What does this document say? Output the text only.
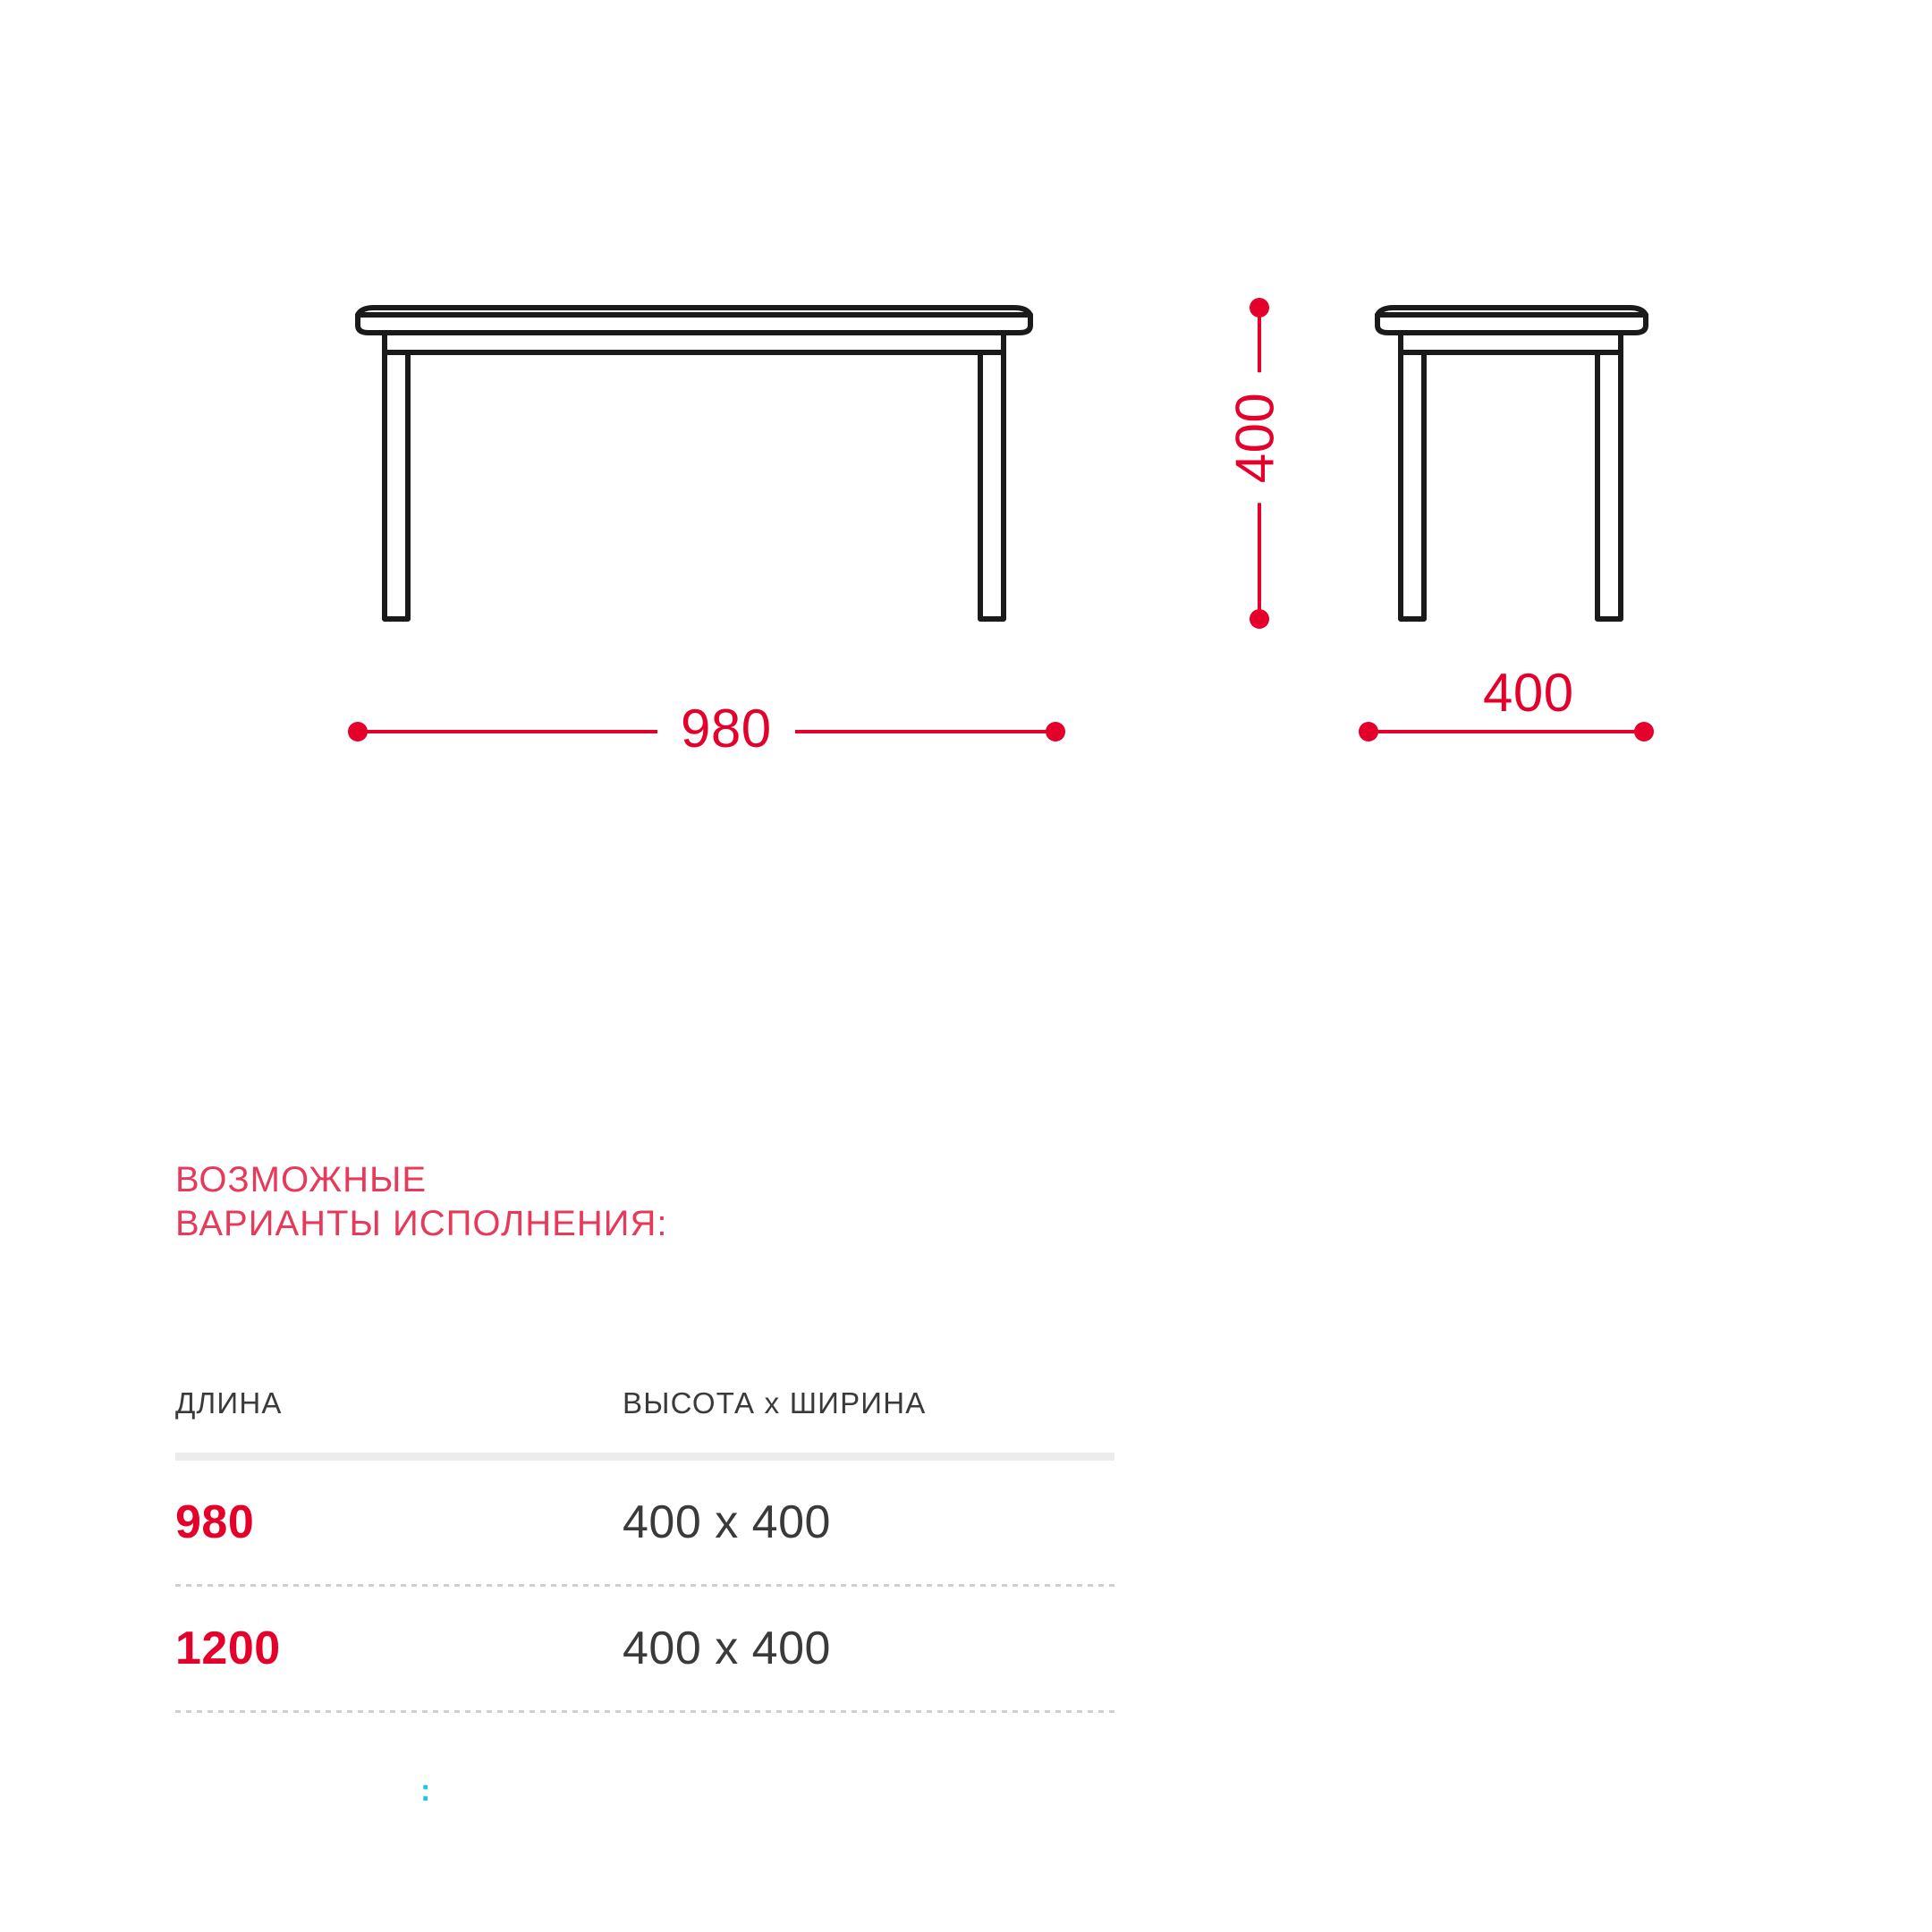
980
400
400

ВОЗМОЖНЫЕ
ВАРИАНТЫ ИСПОЛНЕНИЯ:

ДЛИНА	ВЫСОТА х ШИРИНА
980	400 х 400
1200	400 х 400
:
